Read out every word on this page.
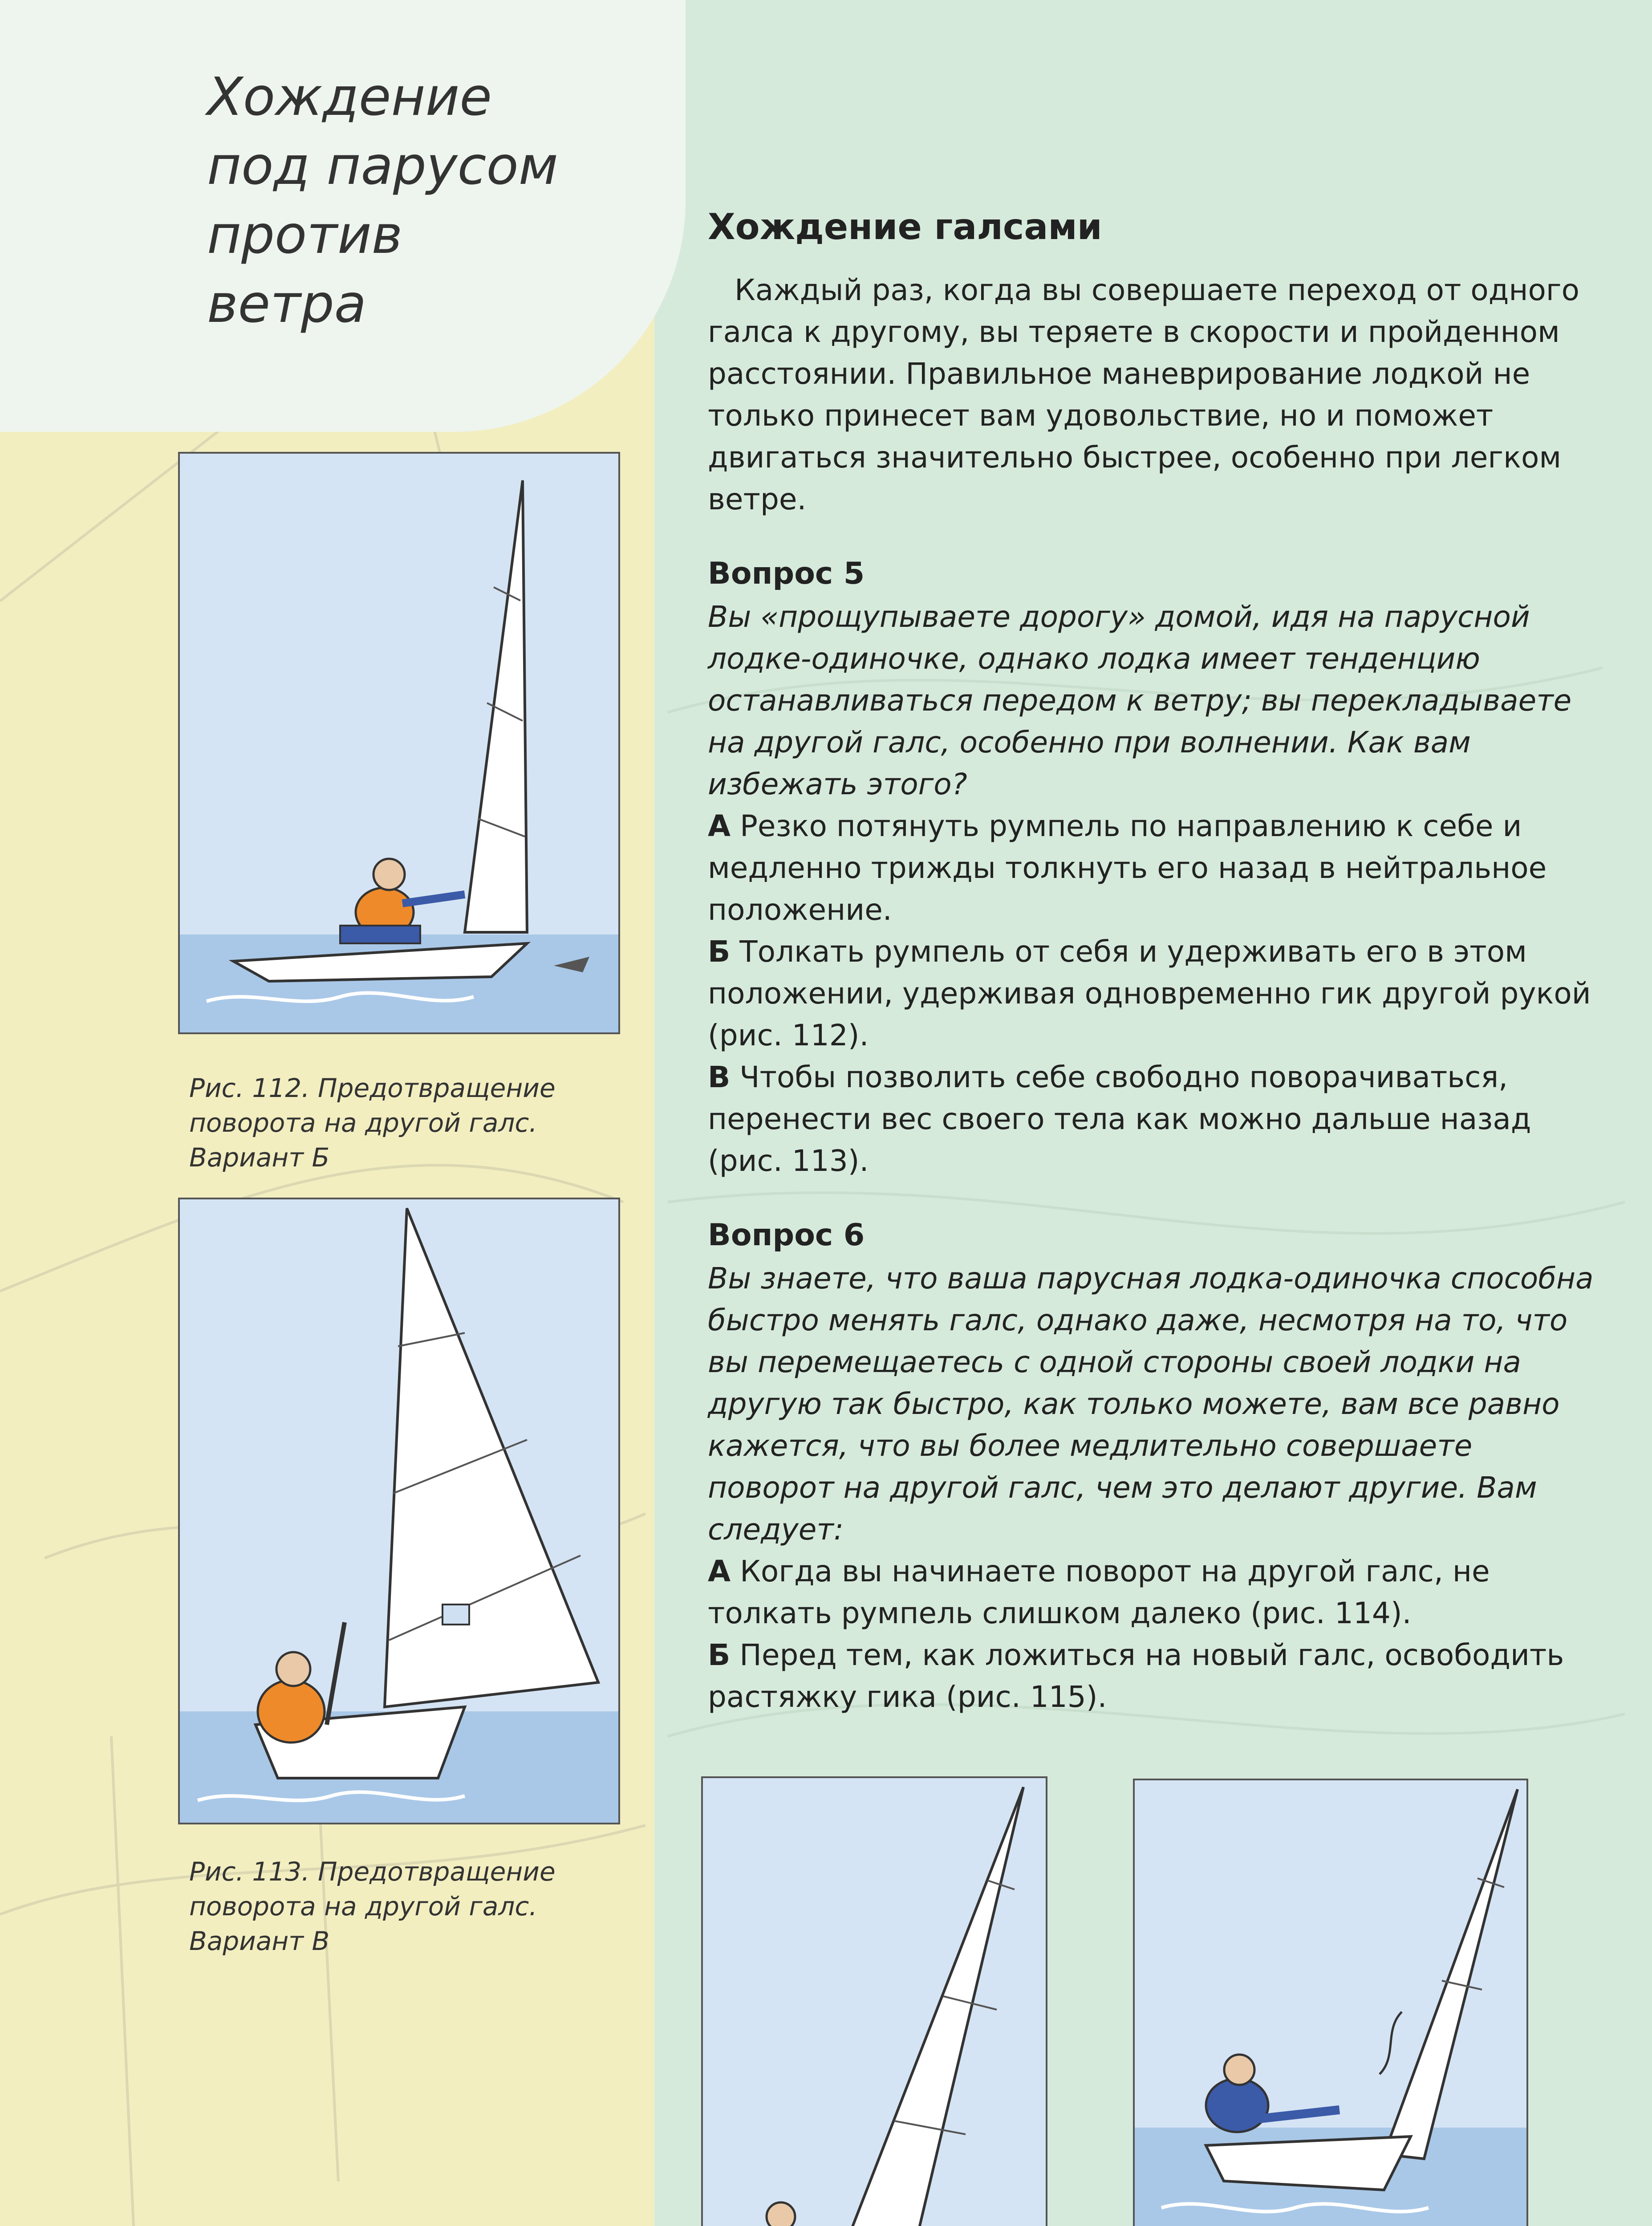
Хождение
под парусом
против
ветра
Хождение галсами

Каждый раз, когда вы совершаете переход от одного галса к другому, вы теряете в скорости и пройденном расстоянии. Правильное маневрирование лодкой не только принесет вам удовольствие, но и поможет двигаться значительно быстрее, особенно при легком ветре.

Вопрос 5

Вы «прощупываете дорогу» домой, идя на парусной лодке-одиночке, однако лодка имеет тенденцию останавливаться передом к ветру; вы перекладываете на другой галс, особенно при волнении. Как вам избежать этого?

А Резко потянуть румпель по направлению к себе и медленно трижды толкнуть его назад в нейтральное положение.

Б Толкать румпель от себя и удерживать его в этом положении, удерживая одновременно гик другой рукой (рис. 112).

В Чтобы позволить себе свободно поворачиваться, перенести вес своего тела как можно дальше назад (рис. 113).

Вопрос 6

Вы знаете, что ваша парусная лодка-одиночка способна быстро менять галс, однако даже, несмотря на то, что вы перемещаетесь с одной стороны своей лодки на другую так быстро, как только можете, вам все равно кажется, что вы более медлительно совершаете поворот на другой галс, чем это делают другие. Вам следует:

А Когда вы начинаете поворот на другой галс, не толкать румпель слишком далеко (рис. 114).

Б Перед тем, как ложиться на новый галс, освободить растяжку гика (рис. 115).

Рис. 112. Предотвращение
поворота на другой галс.
Вариант Б
Рис. 113. Предотвращение
поворота на другой галс.
Вариант В
